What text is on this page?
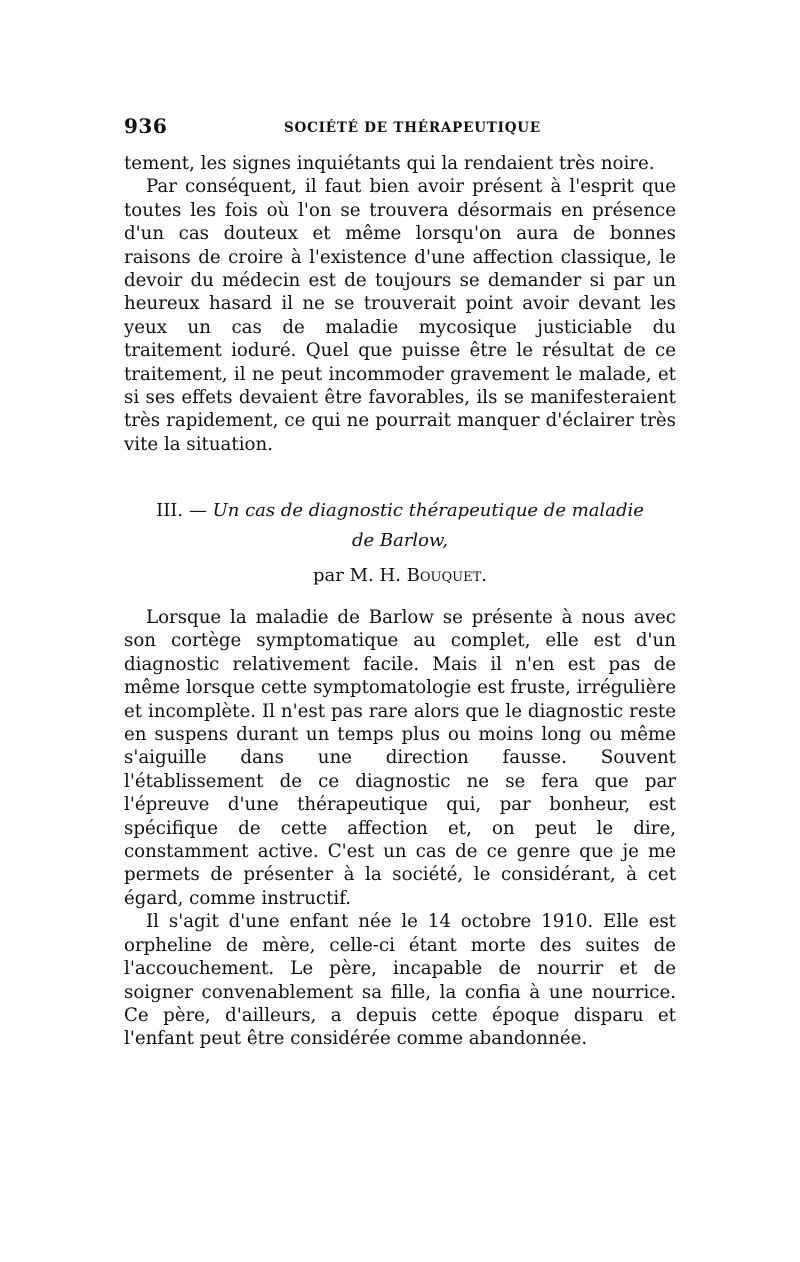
936	SOCIÉTÉ DE THÉRAPEUTIQUE

tement, les signes inquiétants qui la rendaient très noire.

Par conséquent, il faut bien avoir présent à l'esprit que toutes les fois où l'on se trouvera désormais en présence d'un cas douteux et même lorsqu'on aura de bonnes raisons de croire à l'existence d'une affection classique, le devoir du médecin est de toujours se demander si par un heureux hasard il ne se trouverait point avoir devant les yeux un cas de maladie mycosique justiciable du traitement ioduré. Quel que puisse être le résultat de ce traitement, il ne peut incommoder gravement le malade, et si ses effets devaient être favorables, ils se manifesteraient très rapidement, ce qui ne pourrait manquer d'éclairer très vite la situation.

III. — Un cas de diagnostic thérapeutique de maladie
de Barlow,
par M. H. Bouquet.

Lorsque la maladie de Barlow se présente à nous avec son cortège symptomatique au complet, elle est d'un diagnostic relativement facile. Mais il n'en est pas de même lorsque cette symptomatologie est fruste, irrégulière et incomplète. Il n'est pas rare alors que le diagnostic reste en suspens durant un temps plus ou moins long ou même s'aiguille dans une direction fausse. Souvent l'établissement de ce diagnostic ne se fera que par l'épreuve d'une thérapeutique qui, par bonheur, est spécifique de cette affection et, on peut le dire, constamment active. C'est un cas de ce genre que je me permets de présenter à la société, le considérant, à cet égard, comme instructif.

Il s'agit d'une enfant née le 14 octobre 1910. Elle est orpheline de mère, celle-ci étant morte des suites de l'accouchement. Le père, incapable de nourrir et de soigner convenablement sa fille, la confia à une nourrice. Ce père, d'ailleurs, a depuis cette époque disparu et l'enfant peut être considérée comme abandonnée.
